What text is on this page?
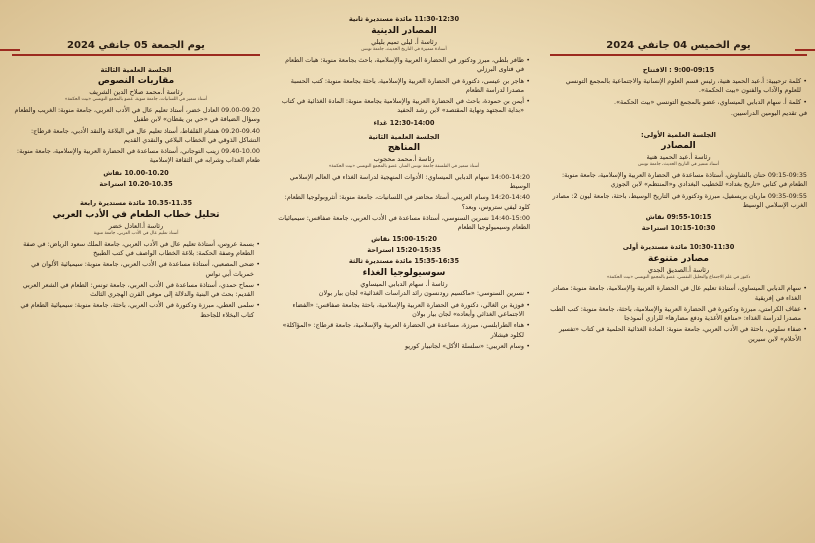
يوم الخميس 04 جانفي 2024
9:00-09:15 : الافتتاح
• كلمة ترحيبية: أ.عبد الحميد هنية، رئيس قسم العلوم الإنسانية والاجتماعية بالمجمع التونسي للعلوم والآداب والفنون «بيت الحكمة».
• كلمة أ. سهام الدبابي الميساوي، عضو بالمجمع التونسي «بيت الحكمة».
في تقديم اليومين الدراسيين.
الجلسة العلمية الأولى:
المصادر
رئاسة أ.عبد الحميد هنية
أستاذ متميز في التاريخ الحديث، جامعة تونس
09:15-09:35 حنان بالشاوش، أستاذة مساعدة في الحضارة العربية والإسلامية، جامعة منوبة: الطعام في كتابي «تاريخ بغداد» للخطيب البغدادي و«المنتظم» لابن الجوزي
09:35-09:55 ماريان بريسفيل، مبرزة ودكتورة في التاريخ الوسيط، باحثة، جامعة ليون 2: مصادر الغرب الإسلامي الوسيط
09:55-10:15 نقاش
10:15-10:30 استراحة
10:30-11:30 مائدة مستديرة أولى
مصادر متنوعة
رئاسة أ.الصديق الجدي
دكتور في علم الاجتماع والتحليل النفسي، عضو بالمجمع التونسي «بيت الحكمة»
• سهام الدبابي الميساوي، أستاذة تعليم عال في الحضارة العربية والإسلامية، جامعة منوبة: مصادر الغذاء في إفريقية
• عفاف الكرامتي، مبرزة ودكتورة في الحضارة العربية والإسلامية، باحثة، جامعة منوبة: كتب الطب مصدرا لدراسة الغذاء: «منافع الأغذية ودفع مضارها» للرازي أنموذجا
• صفاء سلوتي، باحثة في الأدب العربي، جامعة منوبة: المادة الغذائية الحلمية في كتاب «تفسير الأحلام» لابن سيرين
11:30-12:30 مائدة مستديرة ثانية
المصادر الدينية
رئاسة أ. ليلى تميم بليلي
أستاذة متميزة في التاريخ الحديث، جامعة تونس
• ظافر بلطي، مبرز ودكتور في الحضارة العربية والإسلامية، باحث بجامعة منوبة: هبات الطعام في فتاوى البرزلي
• هاجر بن عيسى، دكتورة في الحضارة العربية والإسلامية، باحثة بجامعة منوبة: كتب الحسبة مصدرا لدراسة الطعام
• أيمن بن حمودة، باحث في الحضارة العربية والإسلامية بجامعة منوبة: المادة الغذائية في كتاب «بداية المجتهد ونهاية المقتصد» لابن رشد الحفيد
12:30-14:00 غداء
الجلسة العلمية الثانية
المناهج
رئاسة أ.محمد محجوب
أستاذ متميز في الفلسفة جامعة تونس المنار، عضو بالمجمع التونسي «بيت الحكمة»
14:00-14:20 سهام الدبابي الميساوي: الأدوات المنهجية لدراسة الغذاء في العالم الإسلامي الوسيط
14:20-14:40 وسام العريبي، أستاذ محاضر في اللسانيات، جامعة منوبة: أنثروبولوجيا الطعام: كلود ليفي ستروس، وبعد؟
14:40-15:00 نسرين السنوسي، أستاذة مساعدة في الأدب العربي، جامعة صفاقس: سيميائيات الطعام وسيميولوجيا الطعام
15:00-15:20 نقاش
15:20-15:35 استراحة
15:35-16:35 مائدة مستديرة ثالثة
سوسيولوجيا الغذاء
رئاسة أ. سهام الدبابي الميساوي
• نسرين السنوسي: «ماكسيم رودنسون رائد الدراسات الغذائية» لجان بيار بولان
• فوزية بن الغالي، دكتورة في الحضارة العربية والإسلامية، باحثة بجامعة صفاقس: «الفضاء الاجتماعي الغذائي وأبعاده» لجان بيار بولان
• هناء الطرابلسي، مبرزة، مساعدة في الحضارة العربية والإسلامية، جامعة قرطاج: «المؤاكلة» لكلود فيشلار
• وسام العريبي: «سلسلة الأكل» لجانبيار كوريو
يوم الجمعة 05 جانفي 2024
الجلسة العلمية الثالثة
مقاربات النصوص
رئاسة أ.محمد صلاح الدين الشريف
أستاذ متميز في اللسانيات، جامعة منوبة، عضو بالمجمع التونسي «بيت الحكمة»
09.00-09.20 العادل خضر، أستاذ تعليم عال في الأدب العربي، جامعة منوبة: الغريب والطعام وسؤال الضيافة في «حي بن يقظان» لابن طفيل
09.20-09.40 هشام القلفاط، أستاذ تعليم عال في البلاغة والنقد الأدبي، جامعة قرطاج: التشاكل الذوقي في الخطاب البلاغي والنقدي القديم
09.40-10.00 زينب التوجاني، أستاذة مساعدة في الحضارة العربية والإسلامية، جامعة منوبة: طعام العذاب وشرابه في الثقافة الإسلامية
10.00-10.20 نقاش
10.20-10.35 استراحة
10.35-11.35 مائدة مستديرة رابعة
تحليل خطاب الطعام في الأدب العربي
رئاسة أ.العادل خضر
أستاذ تعليم عال في الأدب العربي، جامعة منوبة
• بسمة عروس، أستاذة تعليم عال في الأدب العربي، جامعة الملك سعود الرياض: في صفة الطعام وصفة الحكمة: بلاغة الخطاب الواصف في كتب الطبيخ
• ضحى المصعبي، أستاذة مساعدة في الأدب العربي، جامعة منوبة: سيميائية الألوان في خمريات أبي نواس
• سماح حمدي، أستاذة مساعدة في الأدب العربي، جامعة تونس: الطعام في الشعر العربي القديم: بحث في البنية والدلالة إلى موفى القرن الهجري الثالث
• سلمى العطي، مبرزة ودكتورة في الأدب العربي، باحثة، جامعة منوبة: سيميائية الطعام في كتاب البخلاء للجاحظ
